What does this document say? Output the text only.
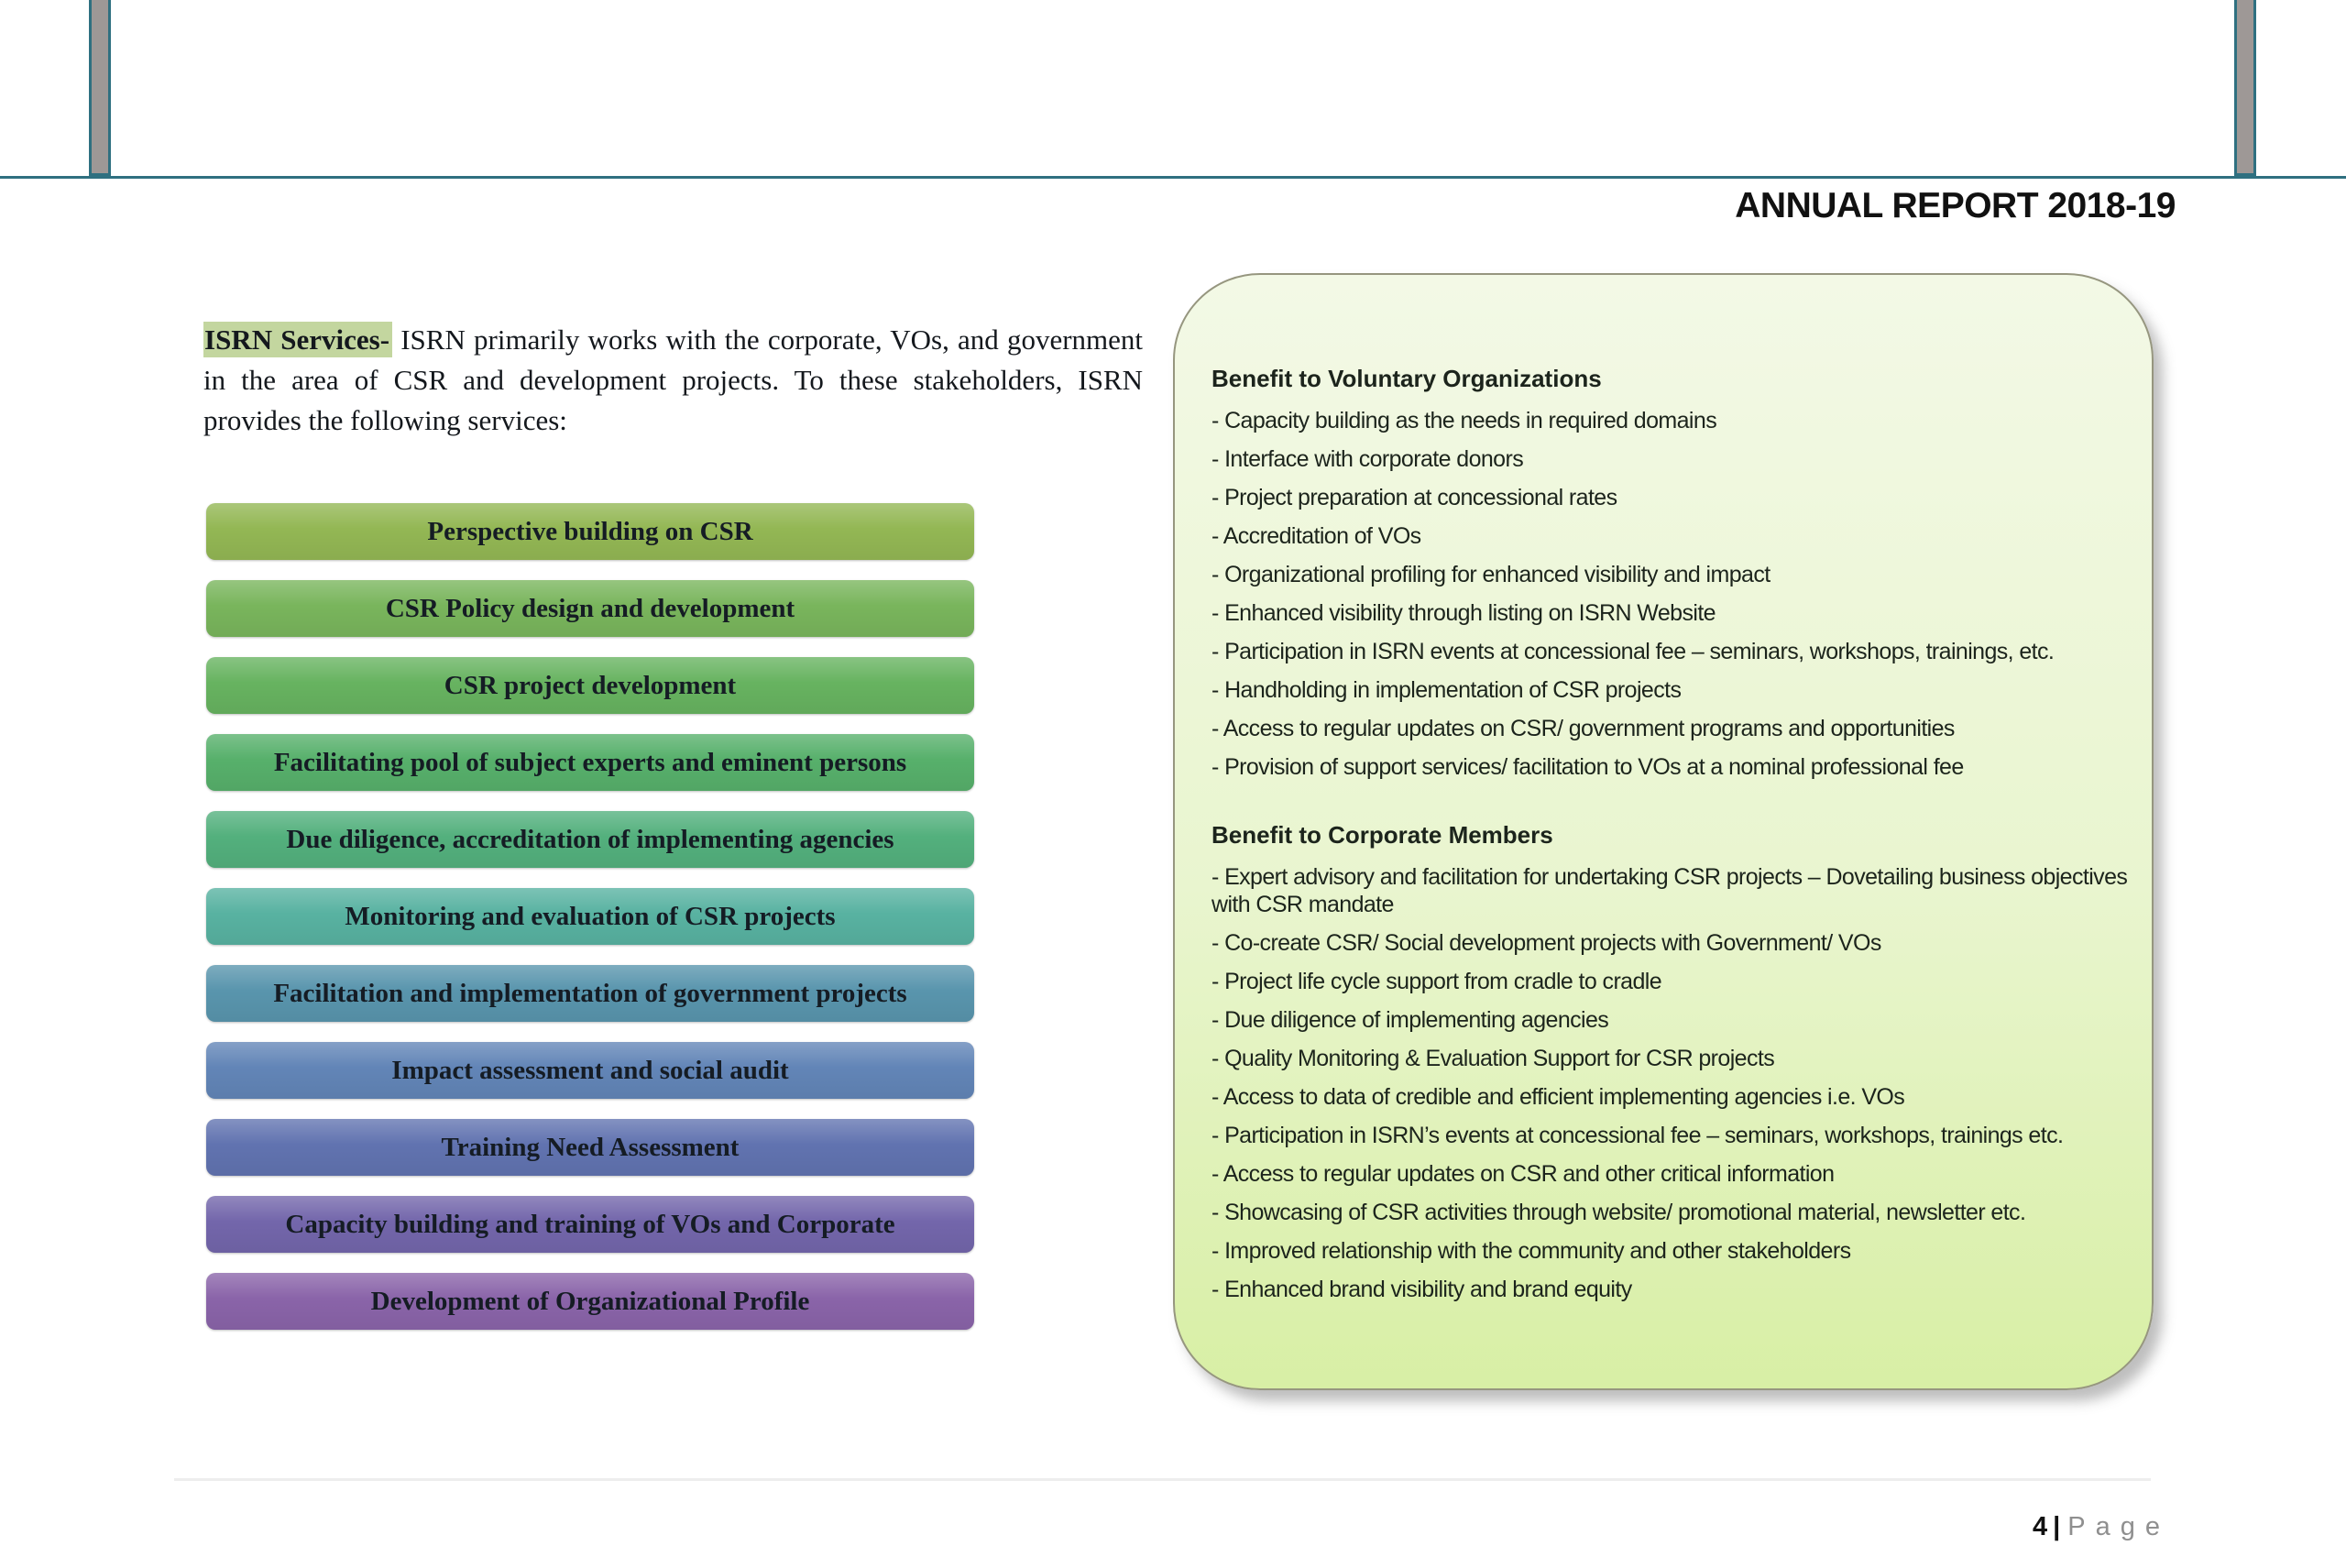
ANNUAL REPORT 2018-19

ISRN Services- ISRN primarily works with the corporate, VOs, and government in the area of CSR and development projects. To these stakeholders, ISRN provides the following services:

Perspective building on CSR
CSR Policy design and development
CSR project development
Facilitating pool of subject experts and eminent persons
Due diligence, accreditation of implementing agencies
Monitoring and evaluation of CSR projects
Facilitation and implementation of government projects
Impact assessment and social audit
Training Need Assessment
Capacity building and training of VOs and Corporate
Development of Organizational Profile
Benefit to Voluntary Organizations
- Capacity building as the needs in required domains
- Interface with corporate donors
- Project preparation at concessional rates
- Accreditation of VOs
- Organizational profiling for enhanced visibility and impact
- Enhanced visibility through listing on ISRN Website
- Participation in ISRN events at concessional fee – seminars, workshops, trainings, etc.
- Handholding in implementation of CSR projects
- Access to regular updates on CSR/ government programs and opportunities
- Provision of support services/ facilitation to VOs at a nominal professional fee
Benefit to Corporate Members
- Expert advisory and facilitation for undertaking CSR projects – Dovetailing business objectives with CSR mandate
- Co-create CSR/ Social development projects with Government/ VOs
- Project life cycle support from cradle to cradle
- Due diligence of implementing agencies
- Quality Monitoring & Evaluation Support for CSR projects
- Access to data of credible and efficient implementing agencies i.e. VOs
- Participation in ISRN’s events at concessional fee – seminars, workshops, trainings etc.
- Access to regular updates on CSR and other critical information
- Showcasing of CSR activities through website/ promotional material, newsletter etc.
- Improved relationship with the community and other stakeholders
- Enhanced brand visibility and brand equity
4 | Page
